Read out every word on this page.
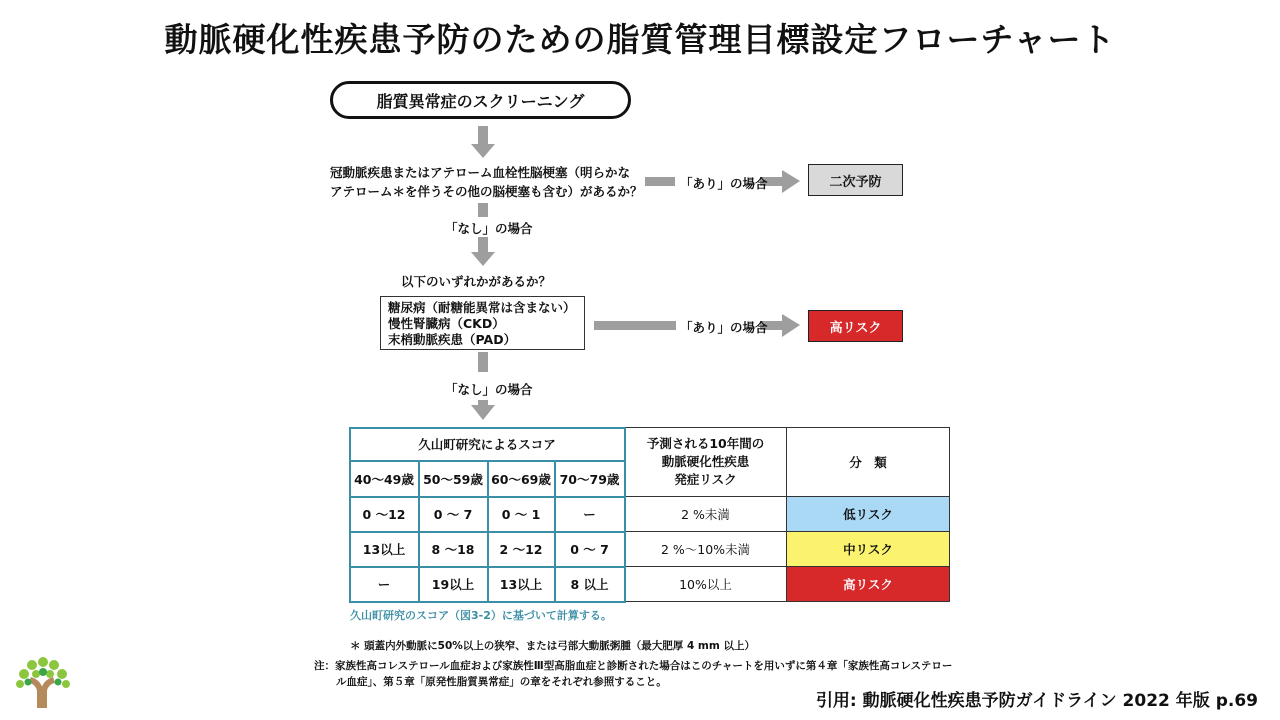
動脈硬化性疾患予防のための脂質管理目標設定フローチャート
脂質異常症のスクリーニング
冠動脈疾患またはアテローム血栓性脳梗塞（明らかな
アテローム＊を伴うその他の脳梗塞も含む）があるか？
「あり」の場合	二次予防
「なし」の場合
以下のいずれかがあるか？
糖尿病（耐糖能異常は含まない）
慢性腎臓病（CKD）
末梢動脈疾患（PAD）
「あり」の場合	高リスク
「なし」の場合
久山町研究によるスコア				予測される10年間の
動脈硬化性疾患
発症リスク	分　類
40～49歳	50～59歳	60～69歳	70～79歳		
0 ～12	0 ～ 7	0 ～ 1	ー	2 %未満	低リスク
13以上	8 ～18	2 ～12	0 ～ 7	2 %～10%未満	中リスク
ー	19以上	13以上	8 以上	10%以上	高リスク
久山町研究のスコア（図3-2）に基づいて計算する。
＊ 頭蓋内外動脈に50%以上の狭窄、または弓部大動脈粥腫（最大肥厚 4 mm 以上）
注：家族性高コレステロール血症および家族性Ⅲ型高脂血症と診断された場合はこのチャートを用いずに第４章「家族性高コレステロー
ル血症」、第５章「原発性脂質異常症」の章をそれぞれ参照すること。
引用: 動脈硬化性疾患予防ガイドライン 2022 年版 p.69
